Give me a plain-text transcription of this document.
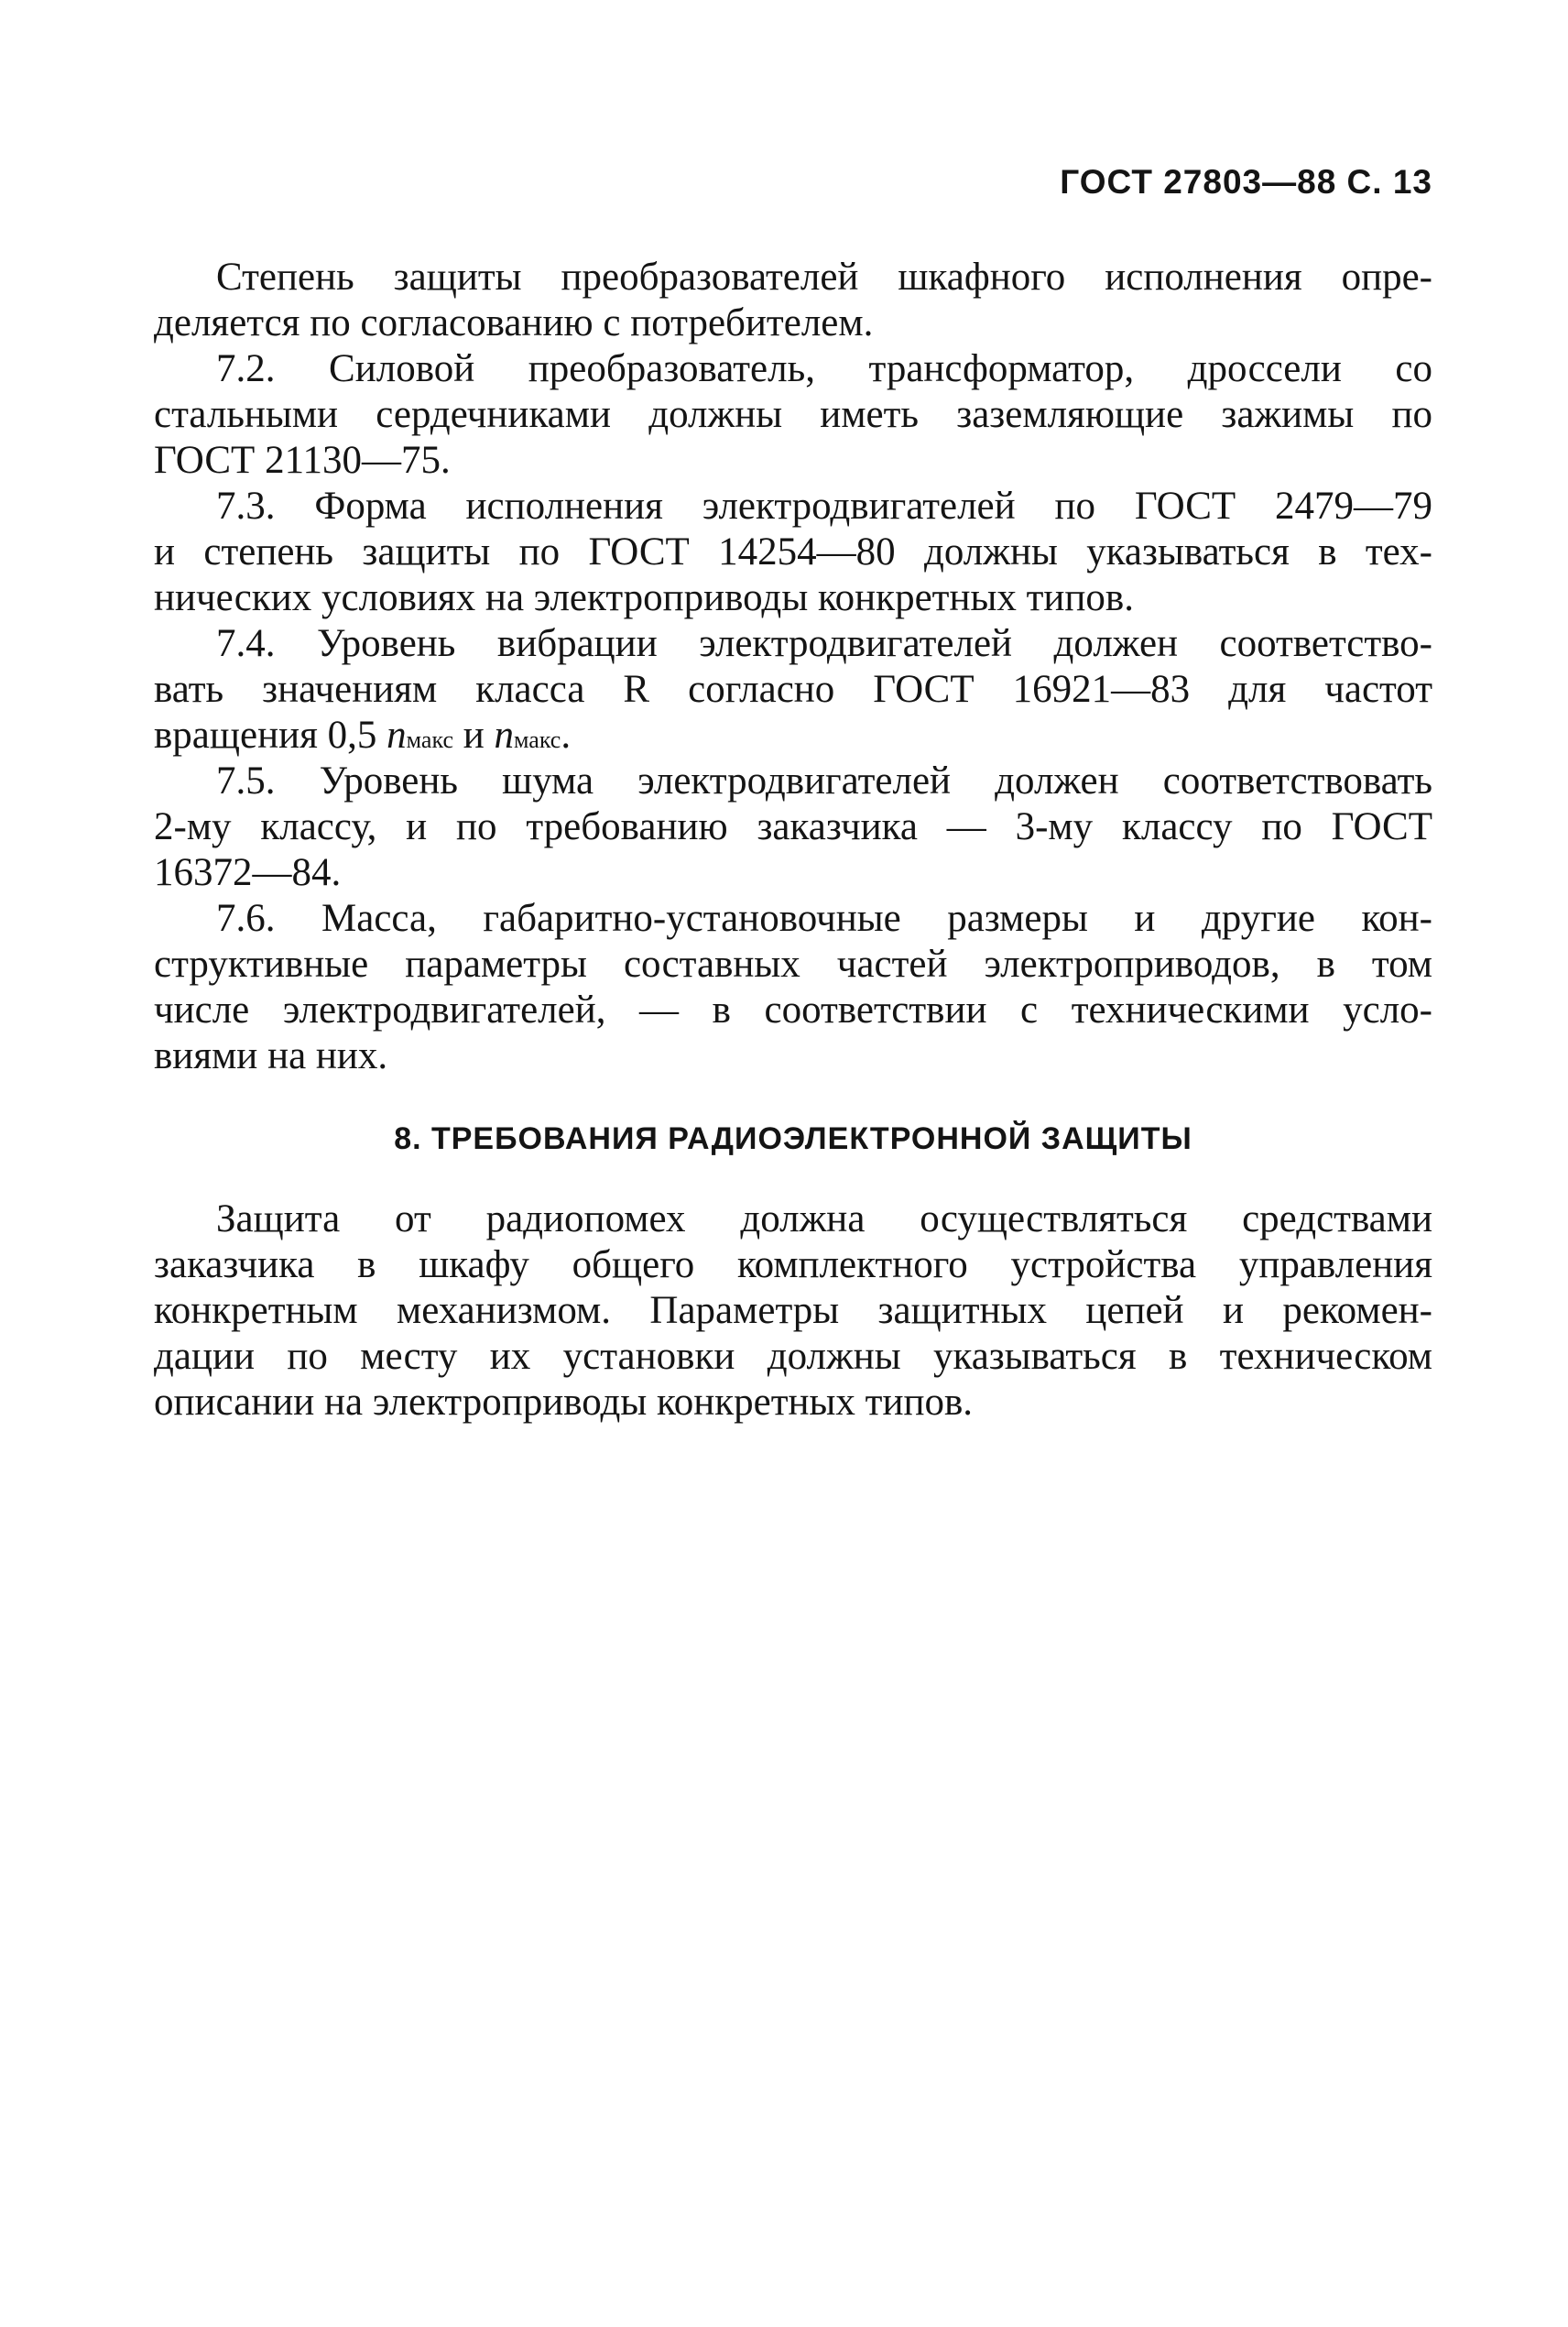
ГОСТ 27803—88 С. 13
Степень защиты преобразователей шкафного исполнения опре-
деляется по согласованию с потребителем.
7.2. Силовой преобразователь, трансформатор, дроссели со
стальными сердечниками должны иметь заземляющие зажимы по
ГОСТ 21130—75.
7.3. Форма исполнения электродвигателей по ГОСТ 2479—79
и степень защиты по ГОСТ 14254—80 должны указываться в тех-
нических условиях на электроприводы конкретных типов.
7.4. Уровень вибрации электродвигателей должен соответство-
вать значениям класса R согласно ГОСТ 16921—83 для частот
вращения 0,5 nмакс и nмакс.
7.5. Уровень шума электродвигателей должен соответствовать
2-му классу, и по требованию заказчика — 3-му классу по ГОСТ
16372—84.
7.6. Масса, габаритно-установочные размеры и другие кон-
структивные параметры составных частей электроприводов, в том
числе электродвигателей, — в соответствии с техническими усло-
виями на них.
8. ТРЕБОВАНИЯ РАДИОЭЛЕКТРОННОЙ ЗАЩИТЫ
Защита от радиопомех должна осуществляться средствами
заказчика в шкафу общего комплектного устройства управления
конкретным механизмом. Параметры защитных цепей и рекомен-
дации по месту их установки должны указываться в техническом
описании на электроприводы конкретных типов.
